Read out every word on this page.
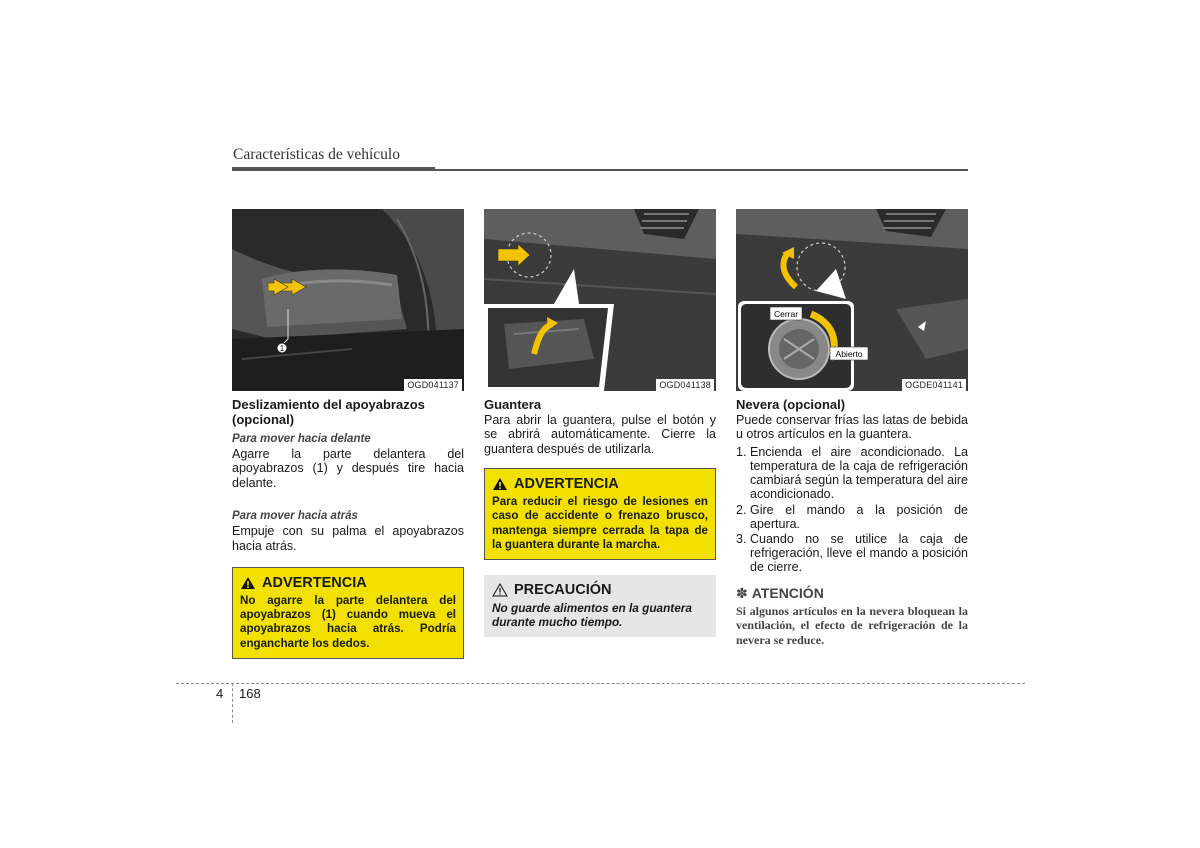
Características de vehículo
1
OGD041137
Deslizamiento del apoyabrazos (opcional)
Para mover hacia delante

Agarre la parte delantera del apoyabrazos (1) y después tire hacia delante.

Para mover hacia atrás

Empuje con su palma el apoyabrazos hacia atrás.

ADVERTENCIA
No agarre la parte delantera del apoyabrazos (1) cuando mueva el apoyabrazos hacia atrás. Podría engancharte los dedos.
OGD041138
Guantera

Para abrir la guantera, pulse el botón y se abrirá automáticamente. Cierre la guantera después de utilizarla.

ADVERTENCIA
Para reducir el riesgo de lesiones en caso de accidente o frenazo brusco, mantenga siempre cerrada la tapa de la guantera durante la marcha.
PRECAUCIÓN
No guarde alimentos en la guantera durante mucho tiempo.
Cerrar
Abierto
OGDE041141
Nevera (opcional)

Puede conservar frías las latas de bebida u otros artículos en la guantera.

1. Encienda el aire acondicionado. La temperatura de la caja de refrigeración cambiará según la temperatura del aire acondicionado.
2. Gire el mando a la posición de apertura.
3. Cuando no se utilice la caja de refrigeración, lleve el mando a posición de cierre.
✽ ATENCIÓN
Si algunos artículos en la nevera bloquean la ventilación, el efecto de refrigeración de la nevera se reduce.
4 168
